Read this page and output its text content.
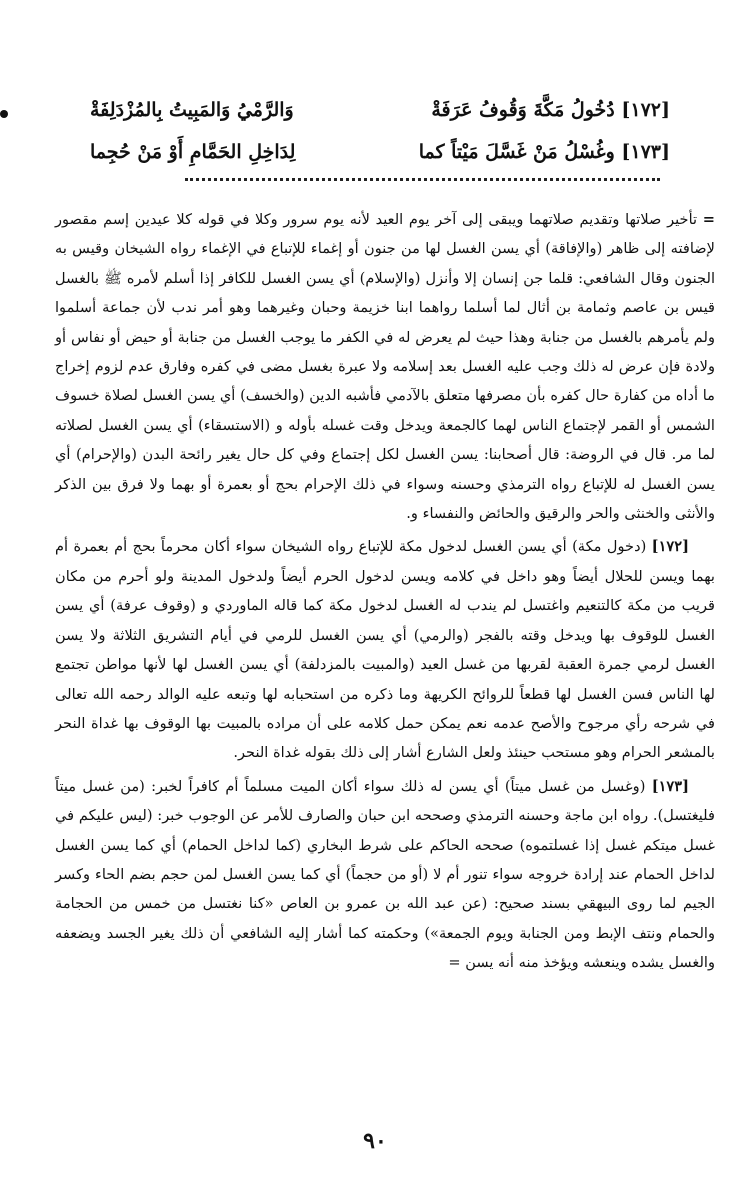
[١٧٢] دُخُولُ مَكَّةَ وَقُوفُ عَرَفَةْ
وَالرَّمْيُ وَالمَبِيتُ بِالمُزْدَلِفَةْ
[١٧٣] وغُسْلُ مَنْ غَسَّلَ مَيْتاً كما
لِدَاخِلِ الحَمَّامِ أَوْ مَنْ حُجِما

= تأخير صلاتها وتقديم صلاتهما ويبقى إلى آخر يوم العيد لأنه يوم سرور وكلا في قوله كلا عيدين إسم مقصور لإضافته إلى ظاهر (والإفاقة) أي يسن الغسل لها من جنون أو إغماء للإتباع في الإغماء رواه الشيخان وقيس به الجنون وقال الشافعي: قلما جن إنسان إلا وأنزل (والإسلام) أي يسن الغسل للكافر إذا أسلم لأمره ﷺ بالغسل قيس بن عاصم وثمامة بن أثال لما أسلما رواهما ابنا خزيمة وحبان وغيرهما وهو أمر ندب لأن جماعة أسلموا ولم يأمرهم بالغسل من جنابة وهذا حيث لم يعرض له في الكفر ما يوجب الغسل من جنابة أو حيض أو نفاس أو ولادة فإن عرض له ذلك وجب عليه الغسل بعد إسلامه ولا عبرة بغسل مضى في كفره وفارق عدم لزوم إخراج ما أداه من كفارة حال كفره بأن مصرفها متعلق بالآدمي فأشبه الدين (والخسف) أي يسن الغسل لصلاة خسوف الشمس أو القمر لإجتماع الناس لهما كالجمعة ويدخل وقت غسله بأوله و (الاستسقاء) أي يسن الغسل لصلاته لما مر. قال في الروضة: قال أصحابنا: يسن الغسل لكل إجتماع وفي كل حال يغير رائحة البدن (والإحرام) أي يسن الغسل له للإتباع رواه الترمذي وحسنه وسواء في ذلك الإحرام بحج أو بعمرة أو بهما ولا فرق بين الذكر والأنثى والخنثى والحر والرقيق والحائض والنفساء و.

[١٧٢] (دخول مكة) أي يسن الغسل لدخول مكة للإتباع رواه الشيخان سواء أكان محرماً بحج أم بعمرة أم بهما ويسن للحلال أيضاً وهو داخل في كلامه ويسن لدخول الحرم أيضاً ولدخول المدينة ولو أحرم من مكان قريب من مكة كالتنعيم واغتسل لم يندب له الغسل لدخول مكة كما قاله الماوردي و (وقوف عرفة) أي يسن الغسل للوقوف بها ويدخل وقته بالفجر (والرمي) أي يسن الغسل للرمي في أيام التشريق الثلاثة ولا يسن الغسل لرمي جمرة العقبة لقربها من غسل العيد (والمبيت بالمزدلفة) أي يسن الغسل لها لأنها مواطن تجتمع لها الناس فسن الغسل لها قطعاً للروائح الكريهة وما ذكره من استحبابه لها وتبعه عليه الوالد رحمه الله تعالى في شرحه رأي مرجوح والأصح عدمه نعم يمكن حمل كلامه على أن مراده بالمبيت بها الوقوف بها غداة النحر بالمشعر الحرام وهو مستحب حينئذ ولعل الشارع أشار إلى ذلك بقوله غداة النحر.

[١٧٣] (وغسل من غسل ميتاً) أي يسن له ذلك سواء أكان الميت مسلماً أم كافراً لخبر: (من غسل ميتاً فليغتسل). رواه ابن ماجة وحسنه الترمذي وصححه ابن حبان والصارف للأمر عن الوجوب خبر: (ليس عليكم في غسل ميتكم غسل إذا غسلتموه) صححه الحاكم على شرط البخاري (كما لداخل الحمام) أي كما يسن الغسل لداخل الحمام عند إرادة خروجه سواء تنور أم لا (أو من حجماً) أي كما يسن الغسل لمن حجم بضم الحاء وكسر الجيم لما روى البيهقي بسند صحيح: (عن عبد الله بن عمرو بن العاص «كنا نغتسل من خمس من الحجامة والحمام ونتف الإبط ومن الجنابة ويوم الجمعة») وحكمته كما أشار إليه الشافعي أن ذلك يغير الجسد ويضعفه والغسل يشده وينعشه ويؤخذ منه أنه يسن =

٩٠
